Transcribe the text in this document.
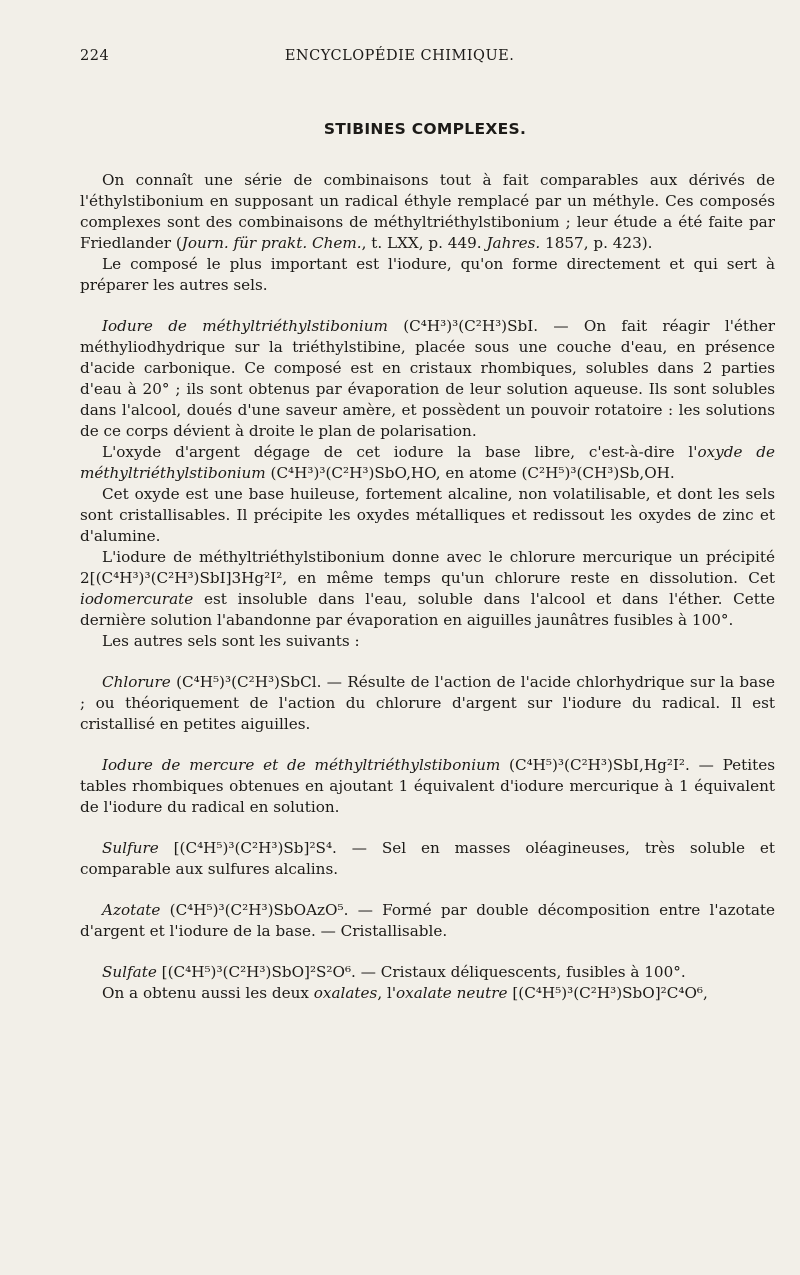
224	ENCYCLOPÉDIE CHIMIQUE.
STIBINES COMPLEXES.

On connaît une série de combinaisons tout à fait comparables aux dérivés de l'éthylstibonium en supposant un radical éthyle remplacé par un méthyle. Ces composés complexes sont des combinaisons de méthyltriéthylstibonium ; leur étude a été faite par Friedlander (Journ. für prakt. Chem., t. LXX, p. 449. Jahres. 1857, p. 423).

Le composé le plus important est l'iodure, qu'on forme directement et qui sert à préparer les autres sels.

Iodure de méthyltriéthylstibonium (C⁴H³)³(C²H³)SbI. — On fait réagir l'éther méthyliodhydrique sur la triéthylstibine, placée sous une couche d'eau, en présence d'acide carbonique. Ce composé est en cristaux rhombiques, solubles dans 2 parties d'eau à 20° ; ils sont obtenus par évaporation de leur solution aqueuse. Ils sont solubles dans l'alcool, doués d'une saveur amère, et possèdent un pouvoir rotatoire : les solutions de ce corps dévient à droite le plan de polarisation.

L'oxyde d'argent dégage de cet iodure la base libre, c'est-à-dire l'oxyde de méthyltriéthylstibonium (C⁴H³)³(C²H³)SbO,HO, en atome (C²H⁵)³(CH³)Sb,OH.

Cet oxyde est une base huileuse, fortement alcaline, non volatilisable, et dont les sels sont cristallisables. Il précipite les oxydes métalliques et redissout les oxydes de zinc et d'alumine.

L'iodure de méthyltriéthylstibonium donne avec le chlorure mercurique un précipité 2[(C⁴H³)³(C²H³)SbI]3Hg²I², en même temps qu'un chlorure reste en dissolution. Cet iodomercurate est insoluble dans l'eau, soluble dans l'alcool et dans l'éther. Cette dernière solution l'abandonne par évaporation en aiguilles jaunâtres fusibles à 100°.

Les autres sels sont les suivants :

Chlorure (C⁴H⁵)³(C²H³)SbCl. — Résulte de l'action de l'acide chlorhydrique sur la base ; ou théoriquement de l'action du chlorure d'argent sur l'iodure du radical. Il est cristallisé en petites aiguilles.

Iodure de mercure et de méthyltriéthylstibonium (C⁴H⁵)³(C²H³)SbI,Hg²I². — Petites tables rhombiques obtenues en ajoutant 1 équivalent d'iodure mercurique à 1 équivalent de l'iodure du radical en solution.

Sulfure [(C⁴H⁵)³(C²H³)Sb]²S⁴. — Sel en masses oléagineuses, très soluble et comparable aux sulfures alcalins.

Azotate (C⁴H⁵)³(C²H³)SbOAzO⁵. — Formé par double décomposition entre l'azotate d'argent et l'iodure de la base. — Cristallisable.

Sulfate [(C⁴H⁵)³(C²H³)SbO]²S²O⁶. — Cristaux déliquescents, fusibles à 100°.

On a obtenu aussi les deux oxalates, l'oxalate neutre [(C⁴H⁵)³(C²H³)SbO]²C⁴O⁶,
